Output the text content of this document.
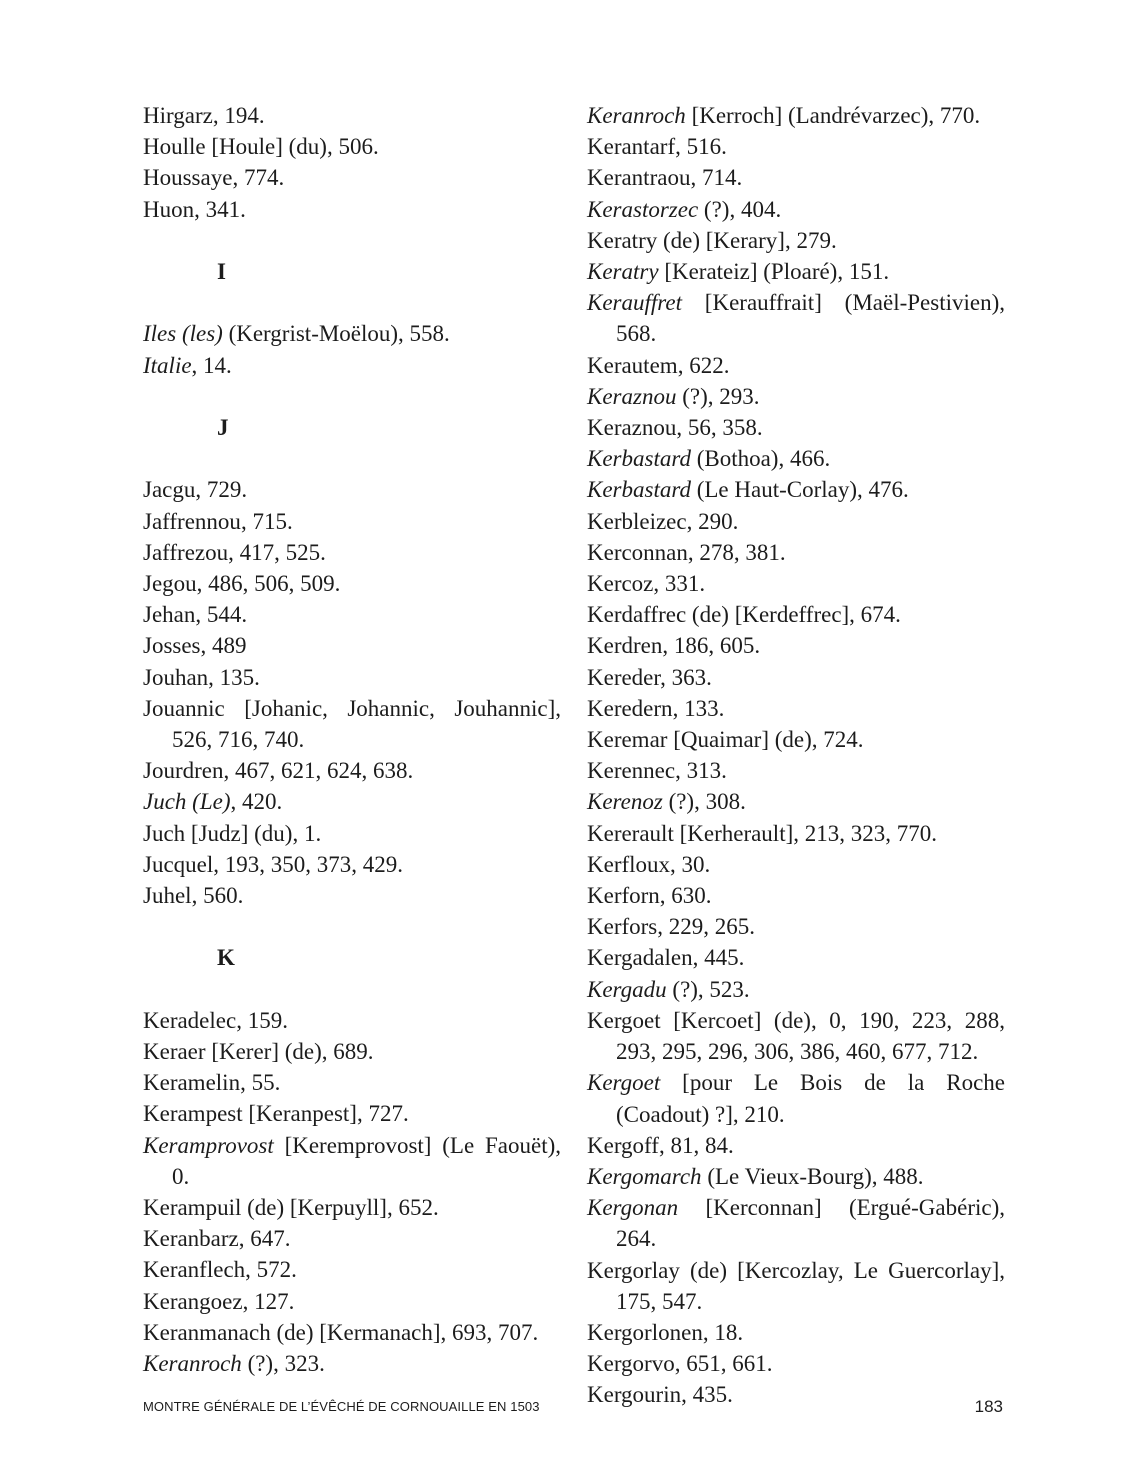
Hirgarz, 194.

Houlle [Houle] (du), 506.

Houssaye, 774.

Huon, 341.

I

Iles (les) (Kergrist-Moëlou), 558.

Italie, 14.

J

Jacgu, 729.

Jaffrennou, 715.

Jaffrezou, 417, 525.

Jegou, 486, 506, 509.

Jehan, 544.

Josses, 489

Jouhan, 135.

Jouannic [Johanic, Johannic, Jouhannic], 526, 716, 740.

Jourdren, 467, 621, 624, 638.

Juch (Le), 420.

Juch [Judz] (du), 1.

Jucquel, 193, 350, 373, 429.

Juhel, 560.

K

Keradelec, 159.

Keraer [Kerer] (de), 689.

Keramelin, 55.

Kerampest [Keranpest], 727.

Keramprovost [Keremprovost] (Le Faouët), 0.

Kerampuil (de) [Kerpuyll], 652.

Keranbarz, 647.

Keranflech, 572.

Kerangoez, 127.

Keranmanach (de) [Kermanach], 693, 707.

Keranroch (?), 323.

Keranroch [Kerroch] (Landrévarzec), 770.

Kerantarf, 516.

Kerantraou, 714.

Kerastorzec (?), 404.

Keratry (de) [Kerary], 279.

Keratry [Kerateiz] (Ploaré), 151.

Kerauffret [Kerauffrait] (Maël-Pestivien), 568.

Kerautem, 622.

Keraznou (?), 293.

Keraznou, 56, 358.

Kerbastard (Bothoa), 466.

Kerbastard (Le Haut-Corlay), 476.

Kerbleizec, 290.

Kerconnan, 278, 381.

Kercoz, 331.

Kerdaffrec (de) [Kerdeffrec], 674.

Kerdren, 186, 605.

Kereder, 363.

Keredern, 133.

Keremar [Quaimar] (de), 724.

Kerennec, 313.

Kerenoz (?), 308.

Kererault [Kerherault], 213, 323, 770.

Kerfloux, 30.

Kerforn, 630.

Kerfors, 229, 265.

Kergadalen, 445.

Kergadu (?), 523.

Kergoet [Kercoet] (de), 0, 190, 223, 288, 293, 295, 296, 306, 386, 460, 677, 712.

Kergoet [pour Le Bois de la Roche (Coadout) ?], 210.

Kergoff, 81, 84.

Kergomarch (Le Vieux-Bourg), 488.

Kergonan [Kerconnan] (Ergué-Gabéric), 264.

Kergorlay (de) [Kercozlay, Le Guercorlay], 175, 547.

Kergorlonen, 18.

Kergorvo, 651, 661.

Kergourin, 435.

MONTRE GÉNÉRALE DE L’ÉVÊCHÉ DE CORNOUAILLE EN 1503	183
